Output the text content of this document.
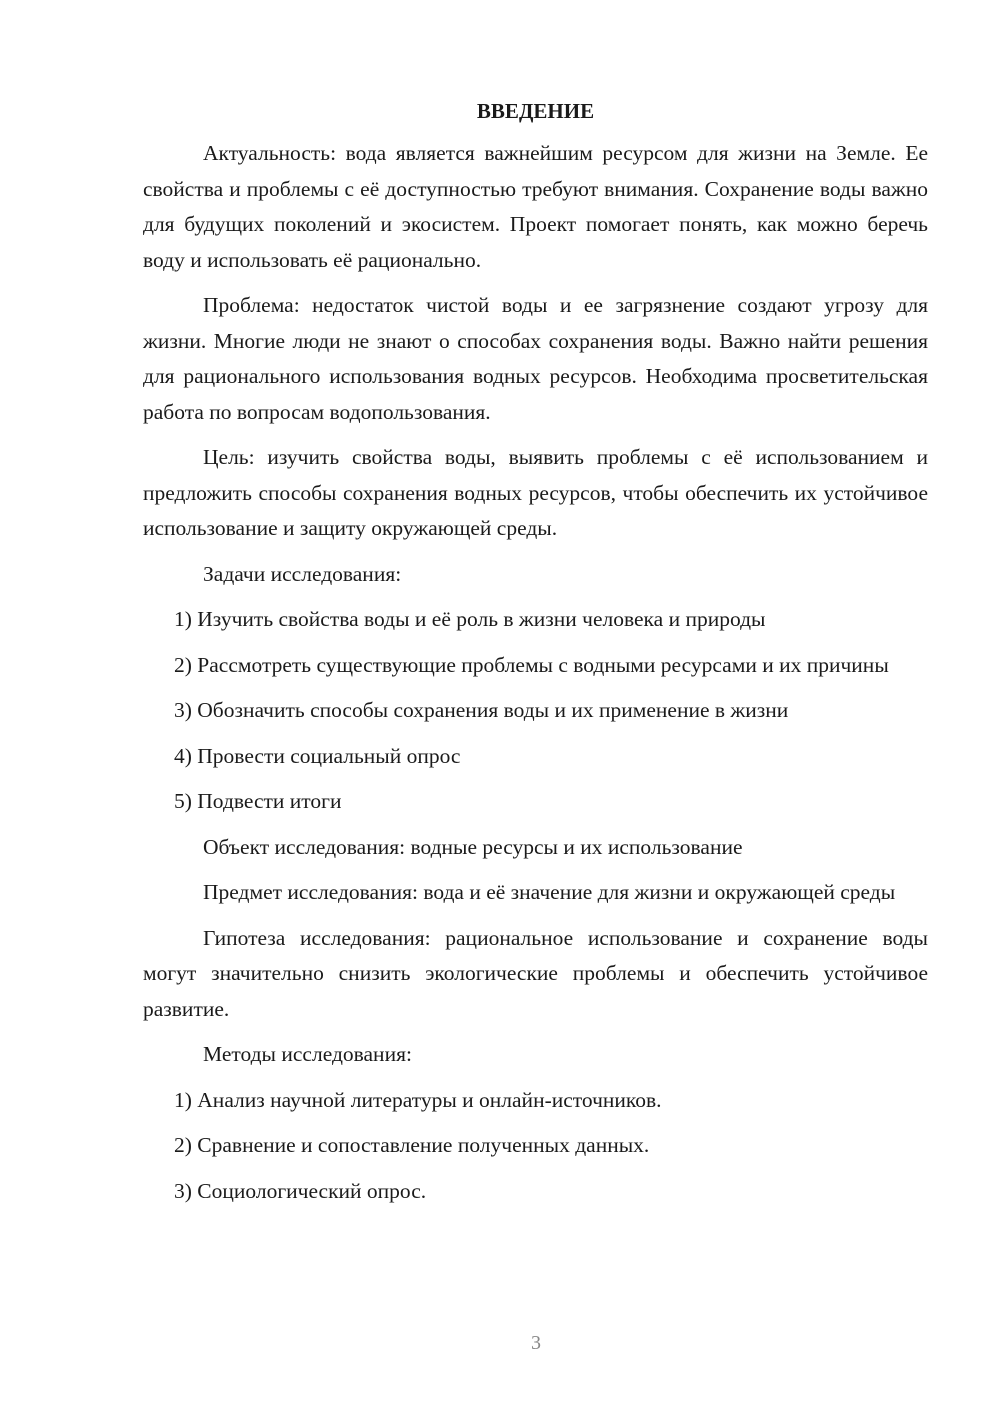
ВВЕДЕНИЕ

Актуальность: вода является важнейшим ресурсом для жизни на Земле. Ее свойства и проблемы с её доступностью требуют внимания. Сохранение воды важно для будущих поколений и экосистем. Проект помогает понять, как можно беречь воду и использовать её рационально.

Проблема: недостаток чистой воды и ее загрязнение создают угрозу для жизни. Многие люди не знают о способах сохранения воды. Важно найти решения для рационального использования водных ресурсов. Необходима просветительская работа по вопросам водопользования.

Цель: изучить свойства воды, выявить проблемы с её использованием и предложить способы сохранения водных ресурсов, чтобы обеспечить их устойчивое использование и защиту окружающей среды.

Задачи исследования:

1) Изучить свойства воды и её роль в жизни человека и природы

2) Рассмотреть существующие проблемы с водными ресурсами и их причины

3) Обозначить способы сохранения воды и их применение в жизни

4) Провести социальный опрос

5) Подвести итоги

Объект исследования: водные ресурсы и их использование

Предмет исследования: вода и её значение для жизни и окружающей среды

Гипотеза исследования: рациональное использование и сохранение воды могут значительно снизить экологические проблемы и обеспечить устойчивое развитие.

Методы исследования:

1) Анализ научной литературы и онлайн-источников.

2) Сравнение и сопоставление полученных данных.

3) Социологический опрос.

3
